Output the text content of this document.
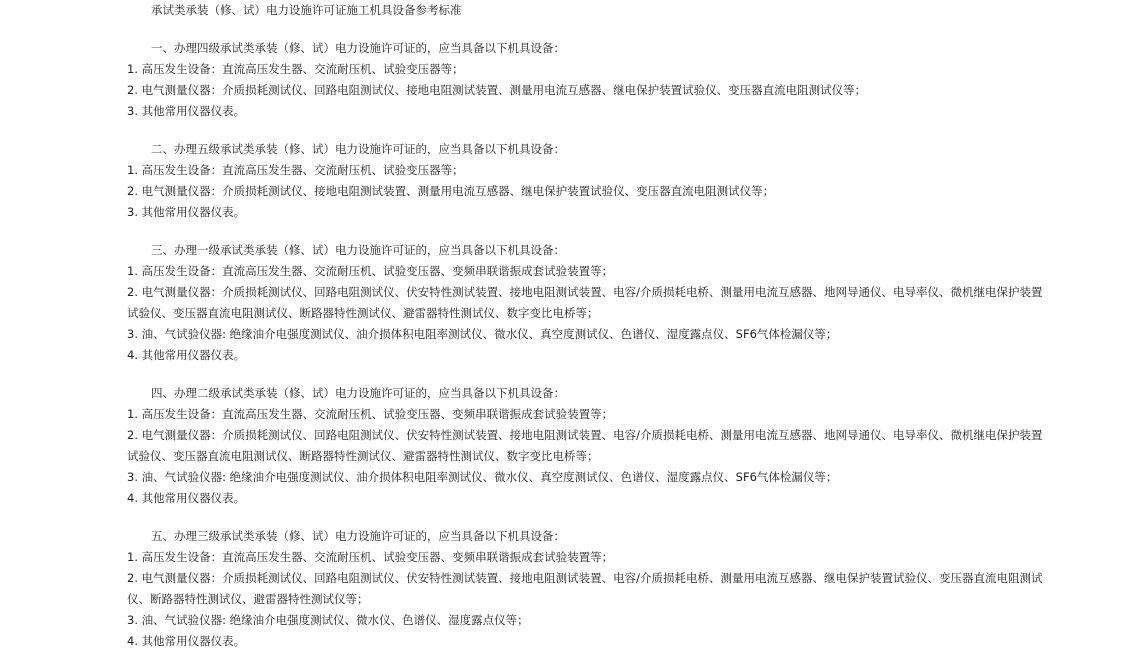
承试类承装（修、试）电力设施许可证施工机具设备参考标准
一、办理四级承试类承装（修、试）电力设施许可证的，应当具备以下机具设备：
1. 高压发生设备：直流高压发生器、交流耐压机、试验变压器等；
2. 电气测量仪器：介质损耗测试仪、回路电阻测试仪、接地电阻测试装置、测量用电流互感器、继电保护装置试验仪、变压器直流电阻测试仪等；
3. 其他常用仪器仪表。
二、办理五级承试类承装（修、试）电力设施许可证的，应当具备以下机具设备：
1. 高压发生设备：直流高压发生器、交流耐压机、试验变压器等；
2. 电气测量仪器：介质损耗测试仪、接地电阻测试装置、测量用电流互感器、继电保护装置试验仪、变压器直流电阻测试仪等；
3. 其他常用仪器仪表。
三、办理一级承试类承装（修、试）电力设施许可证的，应当具备以下机具设备：
1. 高压发生设备：直流高压发生器、交流耐压机、试验变压器、变频串联谐振成套试验装置等；
2. 电气测量仪器：介质损耗测试仪、回路电阻测试仪、伏安特性测试装置、接地电阻测试装置、电容/介质损耗电桥、测量用电流互感器、地网导通仪、电导率仪、微机继电保护装置试验仪、变压器直流电阻测试仪、断路器特性测试仪、避雷器特性测试仪、数字变比电桥等；
3. 油、气试验仪器: 绝缘油介电强度测试仪、油介损体积电阻率测试仪、微水仪、真空度测试仪、色谱仪、湿度露点仪、SF6气体检漏仪等；
4. 其他常用仪器仪表。
四、办理二级承试类承装（修、试）电力设施许可证的，应当具备以下机具设备：
1. 高压发生设备：直流高压发生器、交流耐压机、试验变压器、变频串联谐振成套试验装置等；
2. 电气测量仪器：介质损耗测试仪、回路电阻测试仪、伏安特性测试装置、接地电阻测试装置、电容/介质损耗电桥、测量用电流互感器、地网导通仪、电导率仪、微机继电保护装置试验仪、变压器直流电阻测试仪、断路器特性测试仪、避雷器特性测试仪、数字变比电桥等；
3. 油、气试验仪器: 绝缘油介电强度测试仪、油介损体积电阻率测试仪、微水仪、真空度测试仪、色谱仪、湿度露点仪、SF6气体检漏仪等；
4. 其他常用仪器仪表。
五、办理三级承试类承装（修、试）电力设施许可证的，应当具备以下机具设备：
1. 高压发生设备：直流高压发生器、交流耐压机、试验变压器、变频串联谐振成套试验装置等；
2. 电气测量仪器：介质损耗测试仪、回路电阻测试仪、伏安特性测试装置、接地电阻测试装置、电容/介质损耗电桥、测量用电流互感器、继电保护装置试验仪、变压器直流电阻测试仪、断路器特性测试仪、避雷器特性测试仪等；
3. 油、气试验仪器: 绝缘油介电强度测试仪、微水仪、色谱仪、湿度露点仪等；
4. 其他常用仪器仪表。
